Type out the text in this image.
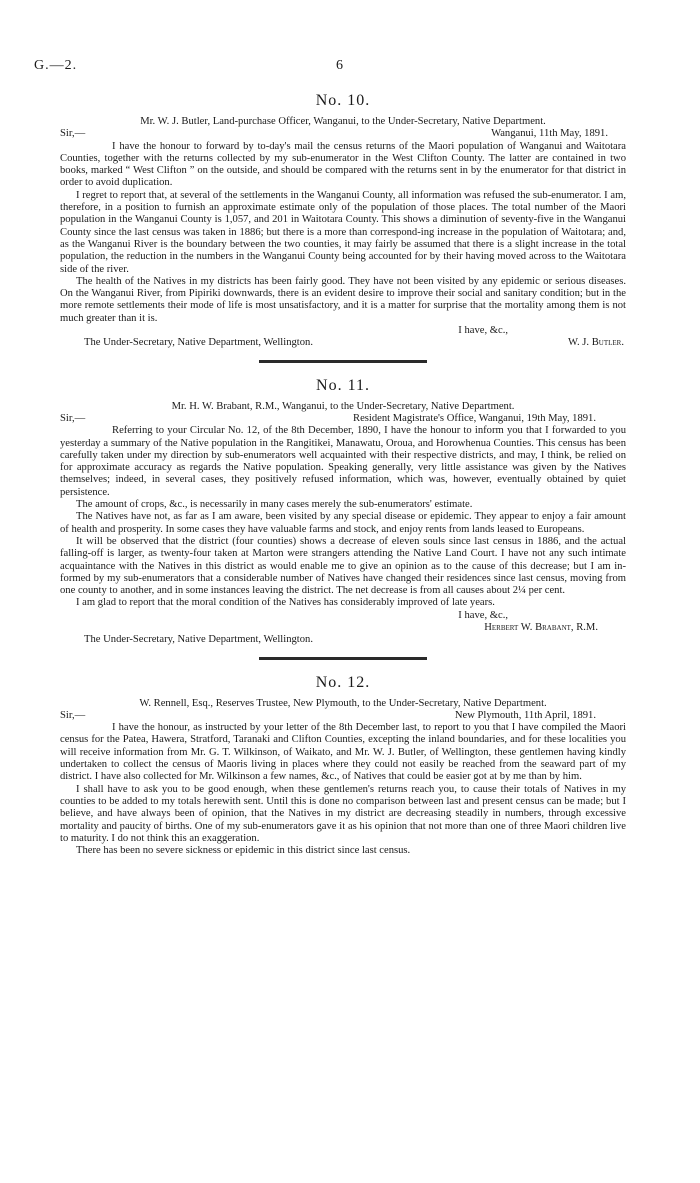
G.—2.	6
No. 10.
Mr. W. J. Butler, Land-purchase Officer, Wanganui, to the Under-Secretary, Native Department.
Sir,—	Wanganui, 11th May, 1891.

I have the honour to forward by to-day's mail the census returns of the Maori population of Wanganui and Waitotara Counties, together with the returns collected by my sub-enumerator in the West Clifton County. The latter are contained in two books, marked “ West Clifton ” on the outside, and should be compared with the returns sent in by the enumerator for that district in order to avoid duplication.

I regret to report that, at several of the settlements in the Wanganui County, all information was refused the sub-enumerator. I am, therefore, in a position to furnish an approximate estimate only of the population of those places. The total number of the Maori population in the Wanganui County is 1,057, and 201 in Waitotara County. This shows a diminution of seventy-five in the Wanganui County since the last census was taken in 1886; but there is a more than correspond-ing increase in the population of Waitotara; and, as the Wanganui River is the boundary between the two counties, it may fairly be assumed that there is a slight increase in the total population, the reduction in the numbers in the Wanganui County being accounted for by their having moved across to the Waitotara side of the river.

The health of the Natives in my districts has been fairly good. They have not been visited by any epidemic or serious diseases. On the Wanganui River, from Pipiriki downwards, there is an evident desire to improve their social and sanitary condition; but in the more remote settlements their mode of life is most unsatisfactory, and it is a matter for surprise that the mortality among them is not much greater than it is.

I have, &c.,
The Under-Secretary, Native Department, Wellington.	W. J. Butler.
No. 11.
Mr. H. W. Brabant, R.M., Wanganui, to the Under-Secretary, Native Department.
Sir,—	Resident Magistrate's Office, Wanganui, 19th May, 1891.

Referring to your Circular No. 12, of the 8th December, 1890, I have the honour to inform you that I forwarded to you yesterday a summary of the Native population in the Rangitikei, Manawatu, Oroua, and Horowhenua Counties. This census has been carefully taken under my direction by sub-enumerators well acquainted with their respective districts, and may, I think, be relied on for approximate accuracy as regards the Native population. Speaking generally, very little assistance was given by the Natives themselves; indeed, in several cases, they positively refused information, which was, however, eventually obtained by quiet persistence.

The amount of crops, &c., is necessarily in many cases merely the sub-enumerators' estimate.

The Natives have not, as far as I am aware, been visited by any special disease or epidemic. They appear to enjoy a fair amount of health and prosperity. In some cases they have valuable farms and stock, and enjoy rents from lands leased to Europeans.

It will be observed that the district (four counties) shows a decrease of eleven souls since last census in 1886, and the actual falling-off is larger, as twenty-four taken at Marton were strangers attending the Native Land Court. I have not any such intimate acquaintance with the Natives in this district as would enable me to give an opinion as to the cause of this decrease; but I am in-formed by my sub-enumerators that a considerable number of Natives have changed their residences since last census, moving from one county to another, and in some instances leaving the district. The net decrease is from all causes about 2¼ per cent.

I am glad to report that the moral condition of the Natives has considerably improved of late years.

I have, &c.,
Herbert W. Brabant, R.M.
The Under-Secretary, Native Department, Wellington.
No. 12.
W. Rennell, Esq., Reserves Trustee, New Plymouth, to the Under-Secretary, Native Department.
Sir,—	New Plymouth, 11th April, 1891.

I have the honour, as instructed by your letter of the 8th December last, to report to you that I have compiled the Maori census for the Patea, Hawera, Stratford, Taranaki and Clifton Counties, excepting the inland boundaries, and for these localities you will receive information from Mr. G. T. Wilkinson, of Waikato, and Mr. W. J. Butler, of Wellington, these gentlemen having kindly undertaken to collect the census of Maoris living in places where they could not easily be reached from the seaward part of my district. I have also collected for Mr. Wilkinson a few names, &c., of Natives that could be easier got at by me than by him.

I shall have to ask you to be good enough, when these gentlemen's returns reach you, to cause their totals of Natives in my counties to be added to my totals herewith sent. Until this is done no comparison between last and present census can be made; but I believe, and have always been of opinion, that the Natives in my district are decreasing steadily in numbers, through excessive mortality and paucity of births. One of my sub-enumerators gave it as his opinion that not more than one of three Maori children live to maturity. I do not think this an exaggeration.

There has been no severe sickness or epidemic in this district since last census.
